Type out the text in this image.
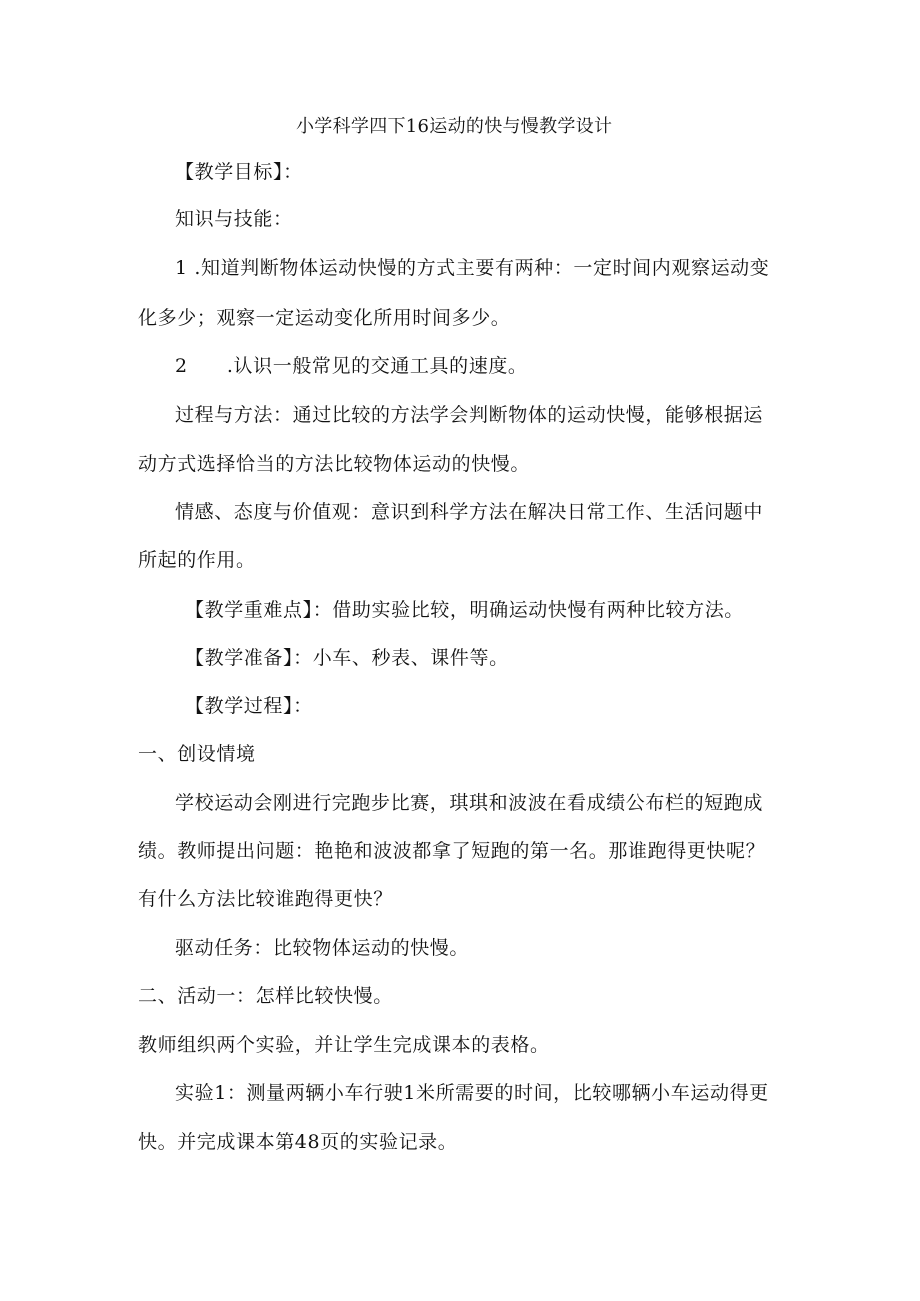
小学科学四下16运动的快与慢教学设计
【教学目标】：
知识与技能：
1 .知道判断物体运动快慢的方式主要有两种：一定时间内观察运动变
化多少；观察一定运动变化所用时间多少。
2　　.认识一般常见的交通工具的速度。
过程与方法：通过比较的方法学会判断物体的运动快慢，能够根据运
动方式选择恰当的方法比较物体运动的快慢。
情感、态度与价值观：意识到科学方法在解决日常工作、生活问题中
所起的作用。
【教学重难点】：借助实验比较，明确运动快慢有两种比较方法。
【教学准备】：小车、秒表、课件等。
【教学过程】：
一、创设情境
学校运动会刚进行完跑步比赛，琪琪和波波在看成绩公布栏的短跑成
绩。教师提出问题：艳艳和波波都拿了短跑的第一名。那谁跑得更快呢？
有什么方法比较谁跑得更快？
驱动任务：比较物体运动的快慢。
二、活动一：怎样比较快慢。
教师组织两个实验，并让学生完成课本的表格。
实验1：测量两辆小车行驶1米所需要的时间，比较哪辆小车运动得更
快。并完成课本第48页的实验记录。
